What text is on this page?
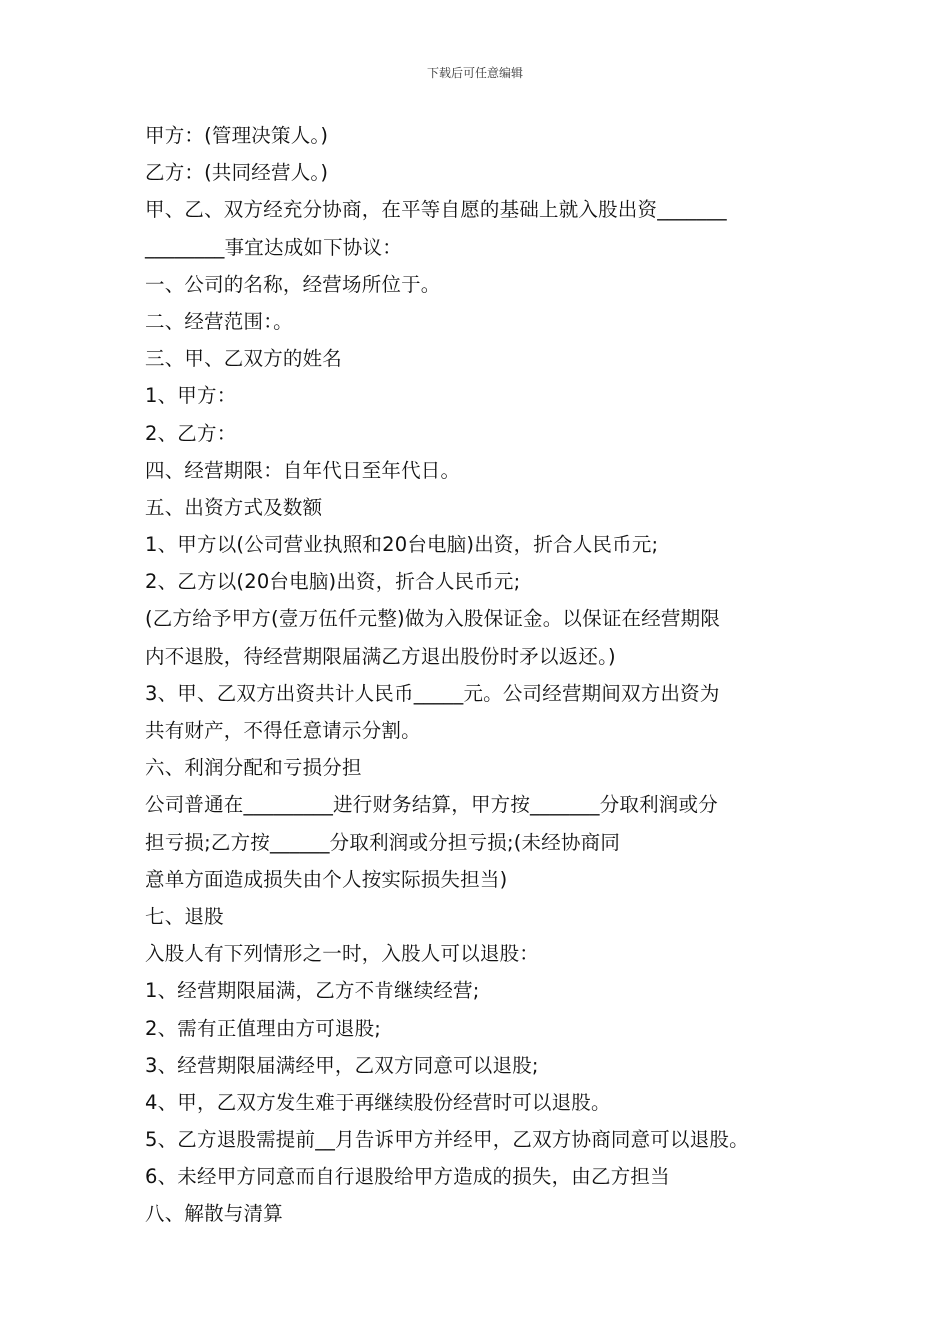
下载后可任意编辑
甲方：(管理决策人。)
乙方：(共同经营人。)
甲、乙、双方经充分协商，在平等自愿的基础上就入股出资_______
________事宜达成如下协议：
一、公司的名称，经营场所位于。
二、经营范围：。
三、甲、乙双方的姓名
1、甲方：
2、乙方：
四、经营期限：自年代日至年代日。
五、出资方式及数额
1、甲方以(公司营业执照和20台电脑)出资，折合人民币元;
2、乙方以(20台电脑)出资，折合人民币元;
(乙方给予甲方(壹万伍仟元整)做为入股保证金。以保证在经营期限
内不退股，待经营期限届满乙方退出股份时矛以返还。)
3、甲、乙双方出资共计人民币_____元。公司经营期间双方出资为
共有财产，不得任意请示分割。
六、利润分配和亏损分担
公司普通在_________进行财务结算，甲方按_______分取利润或分
担亏损;乙方按______分取利润或分担亏损;(未经协商同
意单方面造成损失由个人按实际损失担当)
七、退股
入股人有下列情形之一时，入股人可以退股：
1、经营期限届满，乙方不肯继续经营;
2、需有正值理由方可退股;
3、经营期限届满经甲，乙双方同意可以退股;
4、甲，乙双方发生难于再继续股份经营时可以退股。
5、乙方退股需提前__月告诉甲方并经甲，乙双方协商同意可以退股。
6、未经甲方同意而自行退股给甲方造成的损失，由乙方担当
八、解散与清算
